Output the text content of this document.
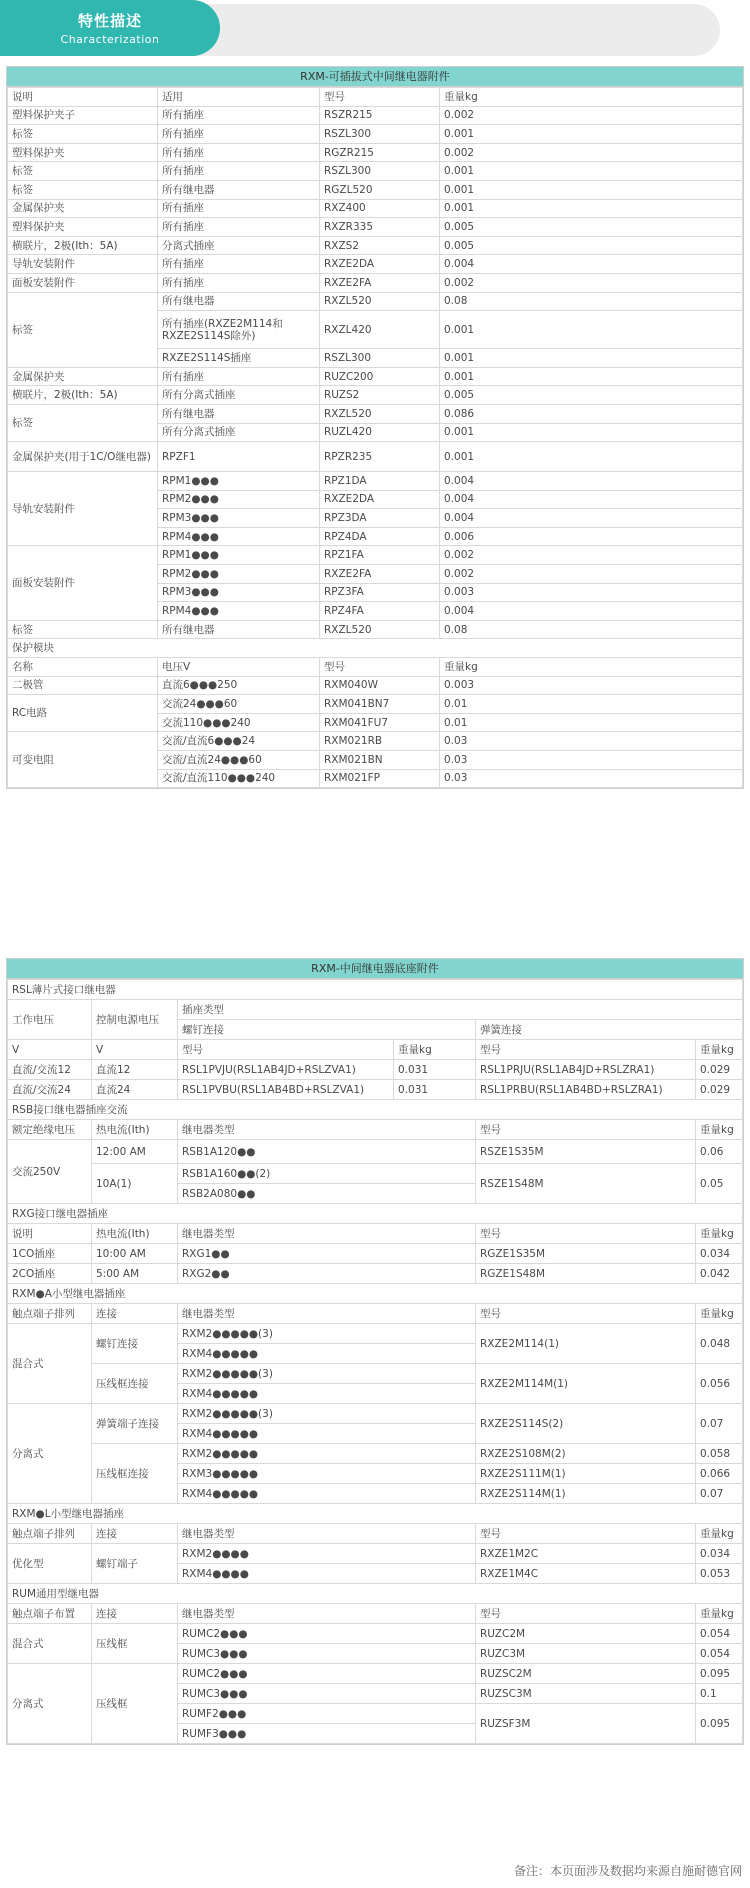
特性描述
Characterization
RXM-可插拔式中间继电器附件
说明	适用	型号	重量kg
塑料保护夹子	所有插座	RSZR215	0.002
标签	所有插座	RSZL300	0.001
塑料保护夹	所有插座	RGZR215	0.002
标签	所有插座	RSZL300	0.001
标签	所有继电器	RGZL520	0.001
金属保护夹	所有插座	RXZ400	0.001
塑料保护夹	所有插座	RXZR335	0.005
横联片，2极(Ith：5A)	分离式插座	RXZS2	0.005
导轨安装附件	所有插座	RXZE2DA	0.004
面板安装附件	所有插座	RXZE2FA	0.002
标签	所有继电器	RXZL520	0.08
	所有插座(RXZE2M114和RXZE2S114S除外)	RXZL420	0.001
	RXZE2S114S插座	RSZL300	0.001
金属保护夹	所有插座	RUZC200	0.001
横联片，2极(Ith：5A)	所有分离式插座	RUZS2	0.005
标签	所有继电器	RXZL520	0.086
	所有分离式插座	RUZL420	0.001
金属保护夹(用于1C/O继电器)	RPZF1	RPZR235	0.001
导轨安装附件	RPM1●●●	RPZ1DA	0.004
	RPM2●●●	RXZE2DA	0.004
	RPM3●●●	RPZ3DA	0.004
	RPM4●●●	RPZ4DA	0.006
面板安装附件	RPM1●●●	RPZ1FA	0.002
	RPM2●●●	RXZE2FA	0.002
	RPM3●●●	RPZ3FA	0.003
	RPM4●●●	RPZ4FA	0.004
标签	所有继电器	RXZL520	0.08
保护模块			
名称	电压V	型号	重量kg
二极管	直流6●●●250	RXM040W	0.003
RC电路	交流24●●●60	RXM041BN7	0.01
	交流110●●●240	RXM041FU7	0.01
可变电阻	交流/直流6●●●24	RXM021RB	0.03
	交流/直流24●●●60	RXM021BN	0.03
	交流/直流110●●●240	RXM021FP	0.03
RXM-中间继电器底座附件
RSL薄片式接口继电器					
工作电压	控制电源电压	插座类型			
		螺钉连接		弹簧连接	
V	V	型号	重量kg	型号	重量kg
直流/交流12	直流12	RSL1PVJU(RSL1AB4JD+RSLZVA1)	0.031	RSL1PRJU(RSL1AB4JD+RSLZRA1)	0.029
直流/交流24	直流24	RSL1PVBU(RSL1AB4BD+RSLZVA1)	0.031	RSL1PRBU(RSL1AB4BD+RSLZRA1)	0.029
RSB接口继电器插座交流					
额定绝缘电压	热电流(Ith)	继电器类型		型号	重量kg
交流250V	12:00 AM	RSB1A120●●		RSZE1S35M	0.06
	10A(1)	RSB1A160●●(2)		RSZE1S48M	0.05
		RSB2A080●●			
RXG接口继电器插座					
说明	热电流(Ith)	继电器类型		型号	重量kg
1CO插座	10:00 AM	RXG1●●		RGZE1S35M	0.034
2CO插座	5:00 AM	RXG2●●		RGZE1S48M	0.042
RXM●A小型继电器插座					
触点端子排列	连接	继电器类型		型号	重量kg
混合式	螺钉连接	RXM2●●●●●(3)		RXZE2M114(1)	0.048
		RXM4●●●●●			
	压线框连接	RXM2●●●●●(3)		RXZE2M114M(1)	0.056
		RXM4●●●●●			
分离式	弹簧端子连接	RXM2●●●●●(3)		RXZE2S114S(2)	0.07
		RXM4●●●●●			
	压线框连接	RXM2●●●●●		RXZE2S108M(2)	0.058
		RXM3●●●●●		RXZE2S111M(1)	0.066
		RXM4●●●●●		RXZE2S114M(1)	0.07
RXM●L小型继电器插座					
触点端子排列	连接	继电器类型		型号	重量kg
优化型	螺钉端子	RXM2●●●●		RXZE1M2C	0.034
		RXM4●●●●		RXZE1M4C	0.053
RUM通用型继电器					
触点端子布置	连接	继电器类型		型号	重量kg
混合式	压线框	RUMC2●●●		RUZC2M	0.054
		RUMC3●●●		RUZC3M	0.054
分离式	压线框	RUMC2●●●		RUZSC2M	0.095
		RUMC3●●●		RUZSC3M	0.1
		RUMF2●●●		RUZSF3M	0.095
		RUMF3●●●			
备注：本页面涉及数据均来源自施耐德官网
